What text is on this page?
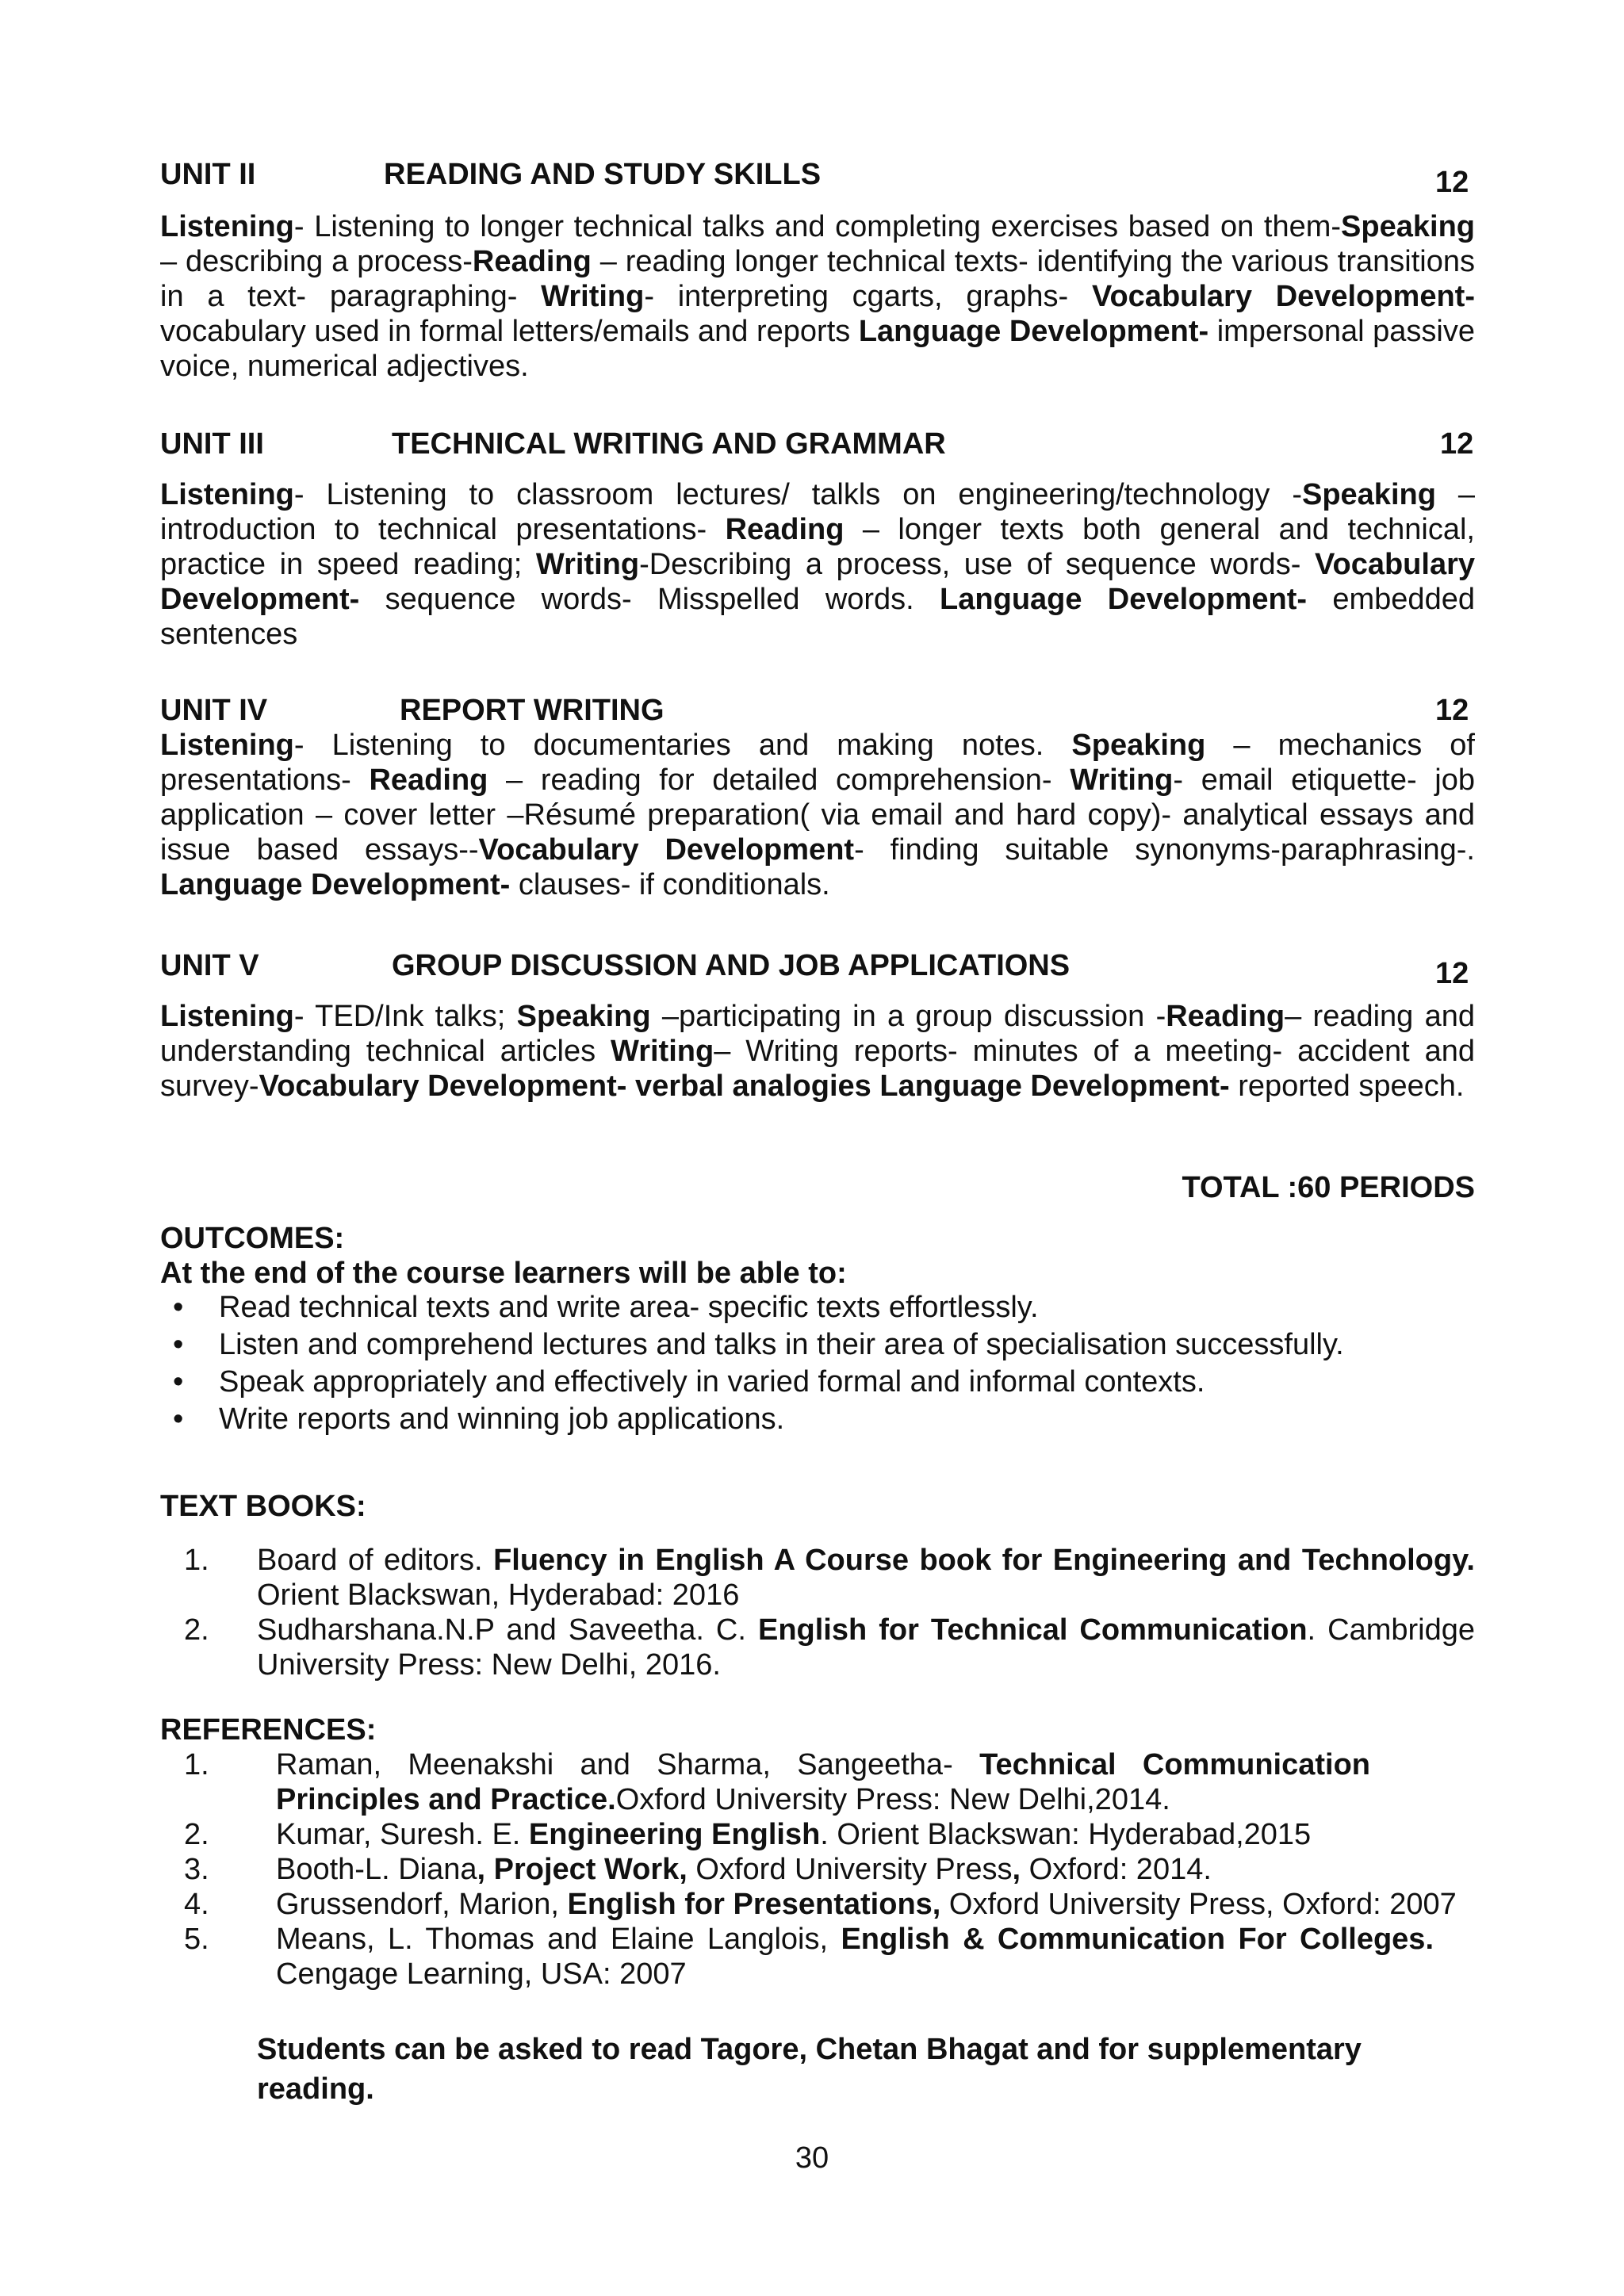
UNIT II	READING AND STUDY SKILLS	12
Listening- Listening to longer technical talks and completing exercises based on them-Speaking – describing a process-Reading – reading longer technical texts- identifying the various transitions in a text- paragraphing- Writing- interpreting cgarts, graphs- Vocabulary Development- vocabulary used in formal letters/emails and reports Language Development- impersonal passive voice, numerical adjectives.
UNIT III	TECHNICAL WRITING AND GRAMMAR	12
Listening- Listening to classroom lectures/ talkls on engineering/technology -Speaking – introduction to technical presentations- Reading – longer texts both general and technical, practice in speed reading; Writing-Describing a process, use of sequence words- Vocabulary Development- sequence words- Misspelled words. Language Development- embedded sentences
UNIT IV	REPORT WRITING	12
Listening- Listening to documentaries and making notes. Speaking – mechanics of presentations- Reading – reading for detailed comprehension- Writing- email etiquette- job application – cover letter –Résumé preparation( via email and hard copy)- analytical essays and issue based essays--Vocabulary Development- finding suitable synonyms-paraphrasing-. Language Development- clauses- if conditionals.
UNIT V	GROUP DISCUSSION AND JOB APPLICATIONS	12
Listening- TED/Ink talks; Speaking –participating in a group discussion -Reading– reading and understanding technical articles Writing– Writing reports- minutes of a meeting- accident and survey-Vocabulary Development- verbal analogies Language Development- reported speech.
TOTAL :60 PERIODS
OUTCOMES:
At the end of the course learners will be able to:
• Read technical texts and write area- specific texts effortlessly.
• Listen and comprehend lectures and talks in their area of specialisation successfully.
• Speak appropriately and effectively in varied formal and informal contexts.
• Write reports and winning job applications.
TEXT BOOKS:
1. Board of editors. Fluency in English A Course book for Engineering and Technology. Orient Blackswan, Hyderabad: 2016
2. Sudharshana.N.P and Saveetha. C. English for Technical Communication. Cambridge University Press: New Delhi, 2016.
REFERENCES:
1. Raman, Meenakshi and Sharma, Sangeetha- Technical Communication Principles and Practice.Oxford University Press: New Delhi,2014.
2. Kumar, Suresh. E. Engineering English. Orient Blackswan: Hyderabad,2015
3. Booth-L. Diana, Project Work, Oxford University Press, Oxford: 2014.
4. Grussendorf, Marion, English for Presentations, Oxford University Press, Oxford: 2007
5. Means, L. Thomas and Elaine Langlois, English & Communication For Colleges. Cengage Learning, USA: 2007
Students can be asked to read Tagore, Chetan Bhagat and for supplementary reading.
30
